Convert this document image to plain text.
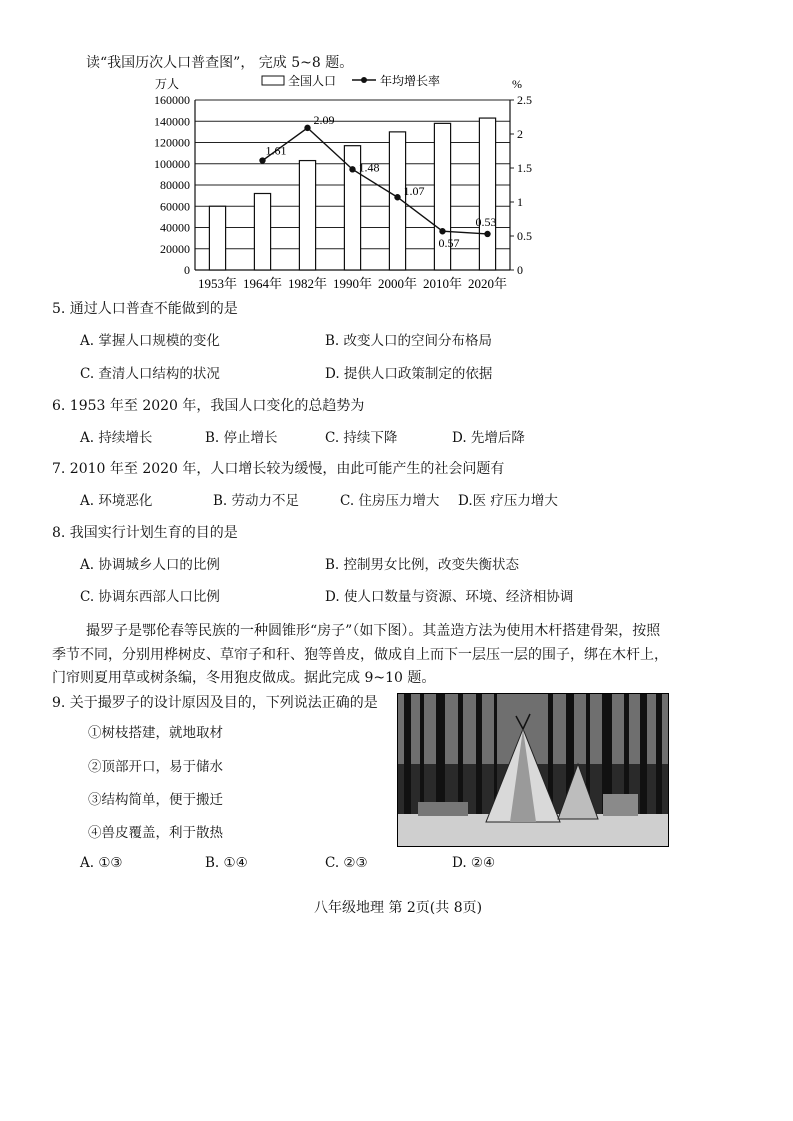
读“我国历次人口普查图”， 完成 5~8 题。
0
20000
40000
60000
80000
100000
120000
140000
160000
0
0.5
1
1.5
2
2.5
万人	%
1953年 1964年 1982年 1990年 2000年 2010年 2020年
1.61
2.09
1.48
1.07
0.57
0.53
全国人口	年均增长率
5. 通过人口普查不能做到的是
A. 掌握人口规模的变化	B. 改变人口的空间分布格局
C. 查清人口结构的状况	D. 提供人口政策制定的依据
6. 1953 年至 2020 年，我国人口变化的总趋势为
A. 持续增长	B. 停止增长	C. 持续下降	D. 先增后降
7. 2010 年至 2020 年，人口增长较为缓慢，由此可能产生的社会问题有
A. 环境恶化	B. 劳动力不足	C. 住房压力增大 D.医 疗压力增大
8. 我国实行计划生育的目的是
A. 协调城乡人口的比例	B. 控制男女比例，改变失衡状态
C. 协调东西部人口比例	D. 使人口数量与资源、环境、经济相协调
撮罗子是鄂伦春等民族的一种圆锥形“房子”（如下图）。其盖造方法为使用木杆搭建骨架，按照
季节不同，分别用桦树皮、草帘子和秆、狍等兽皮，做成自上而下一层压一层的围子，绑在木杆上，
门帘则夏用草或树条编，冬用狍皮做成。据此完成 9~10 题。
9. 关于撮罗子的设计原因及目的，下列说法正确的是
①树枝搭建，就地取材
②顶部开口，易于储水
③结构简单，便于搬迁
④兽皮覆盖，利于散热
A. ①③	B. ①④	C. ②③	D. ②④
八年级地理 第 2页(共 8页)
